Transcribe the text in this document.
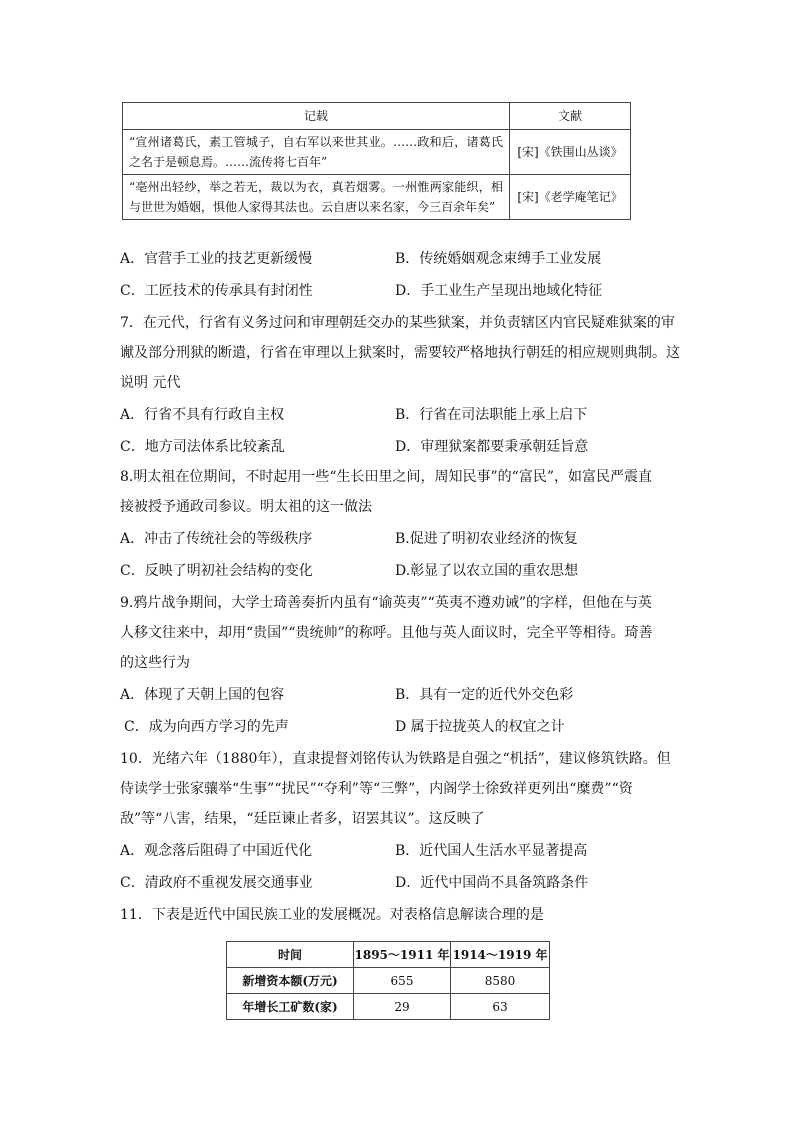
记载	文献
“宣州诸葛氏，素工管城子，自右军以来世其业。……政和后，诸葛氏之名于是顿息焉。……流传将七百年”	[宋]《铁围山丛谈》
“亳州出轻纱，举之若无，裁以为衣，真若烟雾。一州惟两家能织，相与世世为婚姻，惧他人家得其法也。云自唐以来名家，今三百余年矣”	[宋]《老学庵笔记》
A．官营手工业的技艺更新缓慢	B．传统婚姻观念束缚手工业发展
C．工匠技术的传承具有封闭性	D．手工业生产呈现出地域化特征
7．在元代，行省有义务过问和审理朝廷交办的某些狱案，并负责辖区内官民疑难狱案的审
谳及部分刑狱的断遣，行省在审理以上狱案时，需要较严格地执行朝廷的相应规则典制。这
说明 元代
A．行省不具有行政自主权	B．行省在司法职能上承上启下
C．地方司法体系比较紊乱	D．审理狱案都要秉承朝廷旨意
8.明太祖在位期间，不时起用一些“生长田里之间，周知民事”的“富民”，如富民严震直
接被授予通政司参议。明太祖的这一做法
A．冲击了传统社会的等级秩序	B.促进了明初农业经济的恢复
C．反映了明初社会结构的变化	D.彰显了以农立国的重农思想
9.鸦片战争期间，大学士琦善奏折内虽有“谕英夷”“英夷不遵劝诫”的字样，但他在与英
人移文往来中，却用“贵国”“贵统帅”的称呼。且他与英人面议时，完全平等相待。琦善
的这些行为
A．体现了天朝上国的包容	B．具有一定的近代外交色彩
C．成为向西方学习的先声	D 属于拉拢英人的权宜之计
10．光绪六年（1880年），直隶提督刘铭传认为铁路是自强之“机括”，建议修筑铁路。但
侍读学士张家骧举“生事”“扰民”“夺利”等“三弊”，内阁学士徐致祥更列出“糜费”“资
敌”等“八害，结果，“廷臣谏止者多，诏罢其议”。这反映了
A．观念落后阻碍了中国近代化	B．近代国人生活水平显著提高
C．清政府不重视发展交通事业	D．近代中国尚不具备筑路条件
11．下表是近代中国民族工业的发展概况。对表格信息解读合理的是
时间	1895～1911 年	1914～1919 年
新增资本额(万元)	655	8580
年增长工矿数(家)	29	63
